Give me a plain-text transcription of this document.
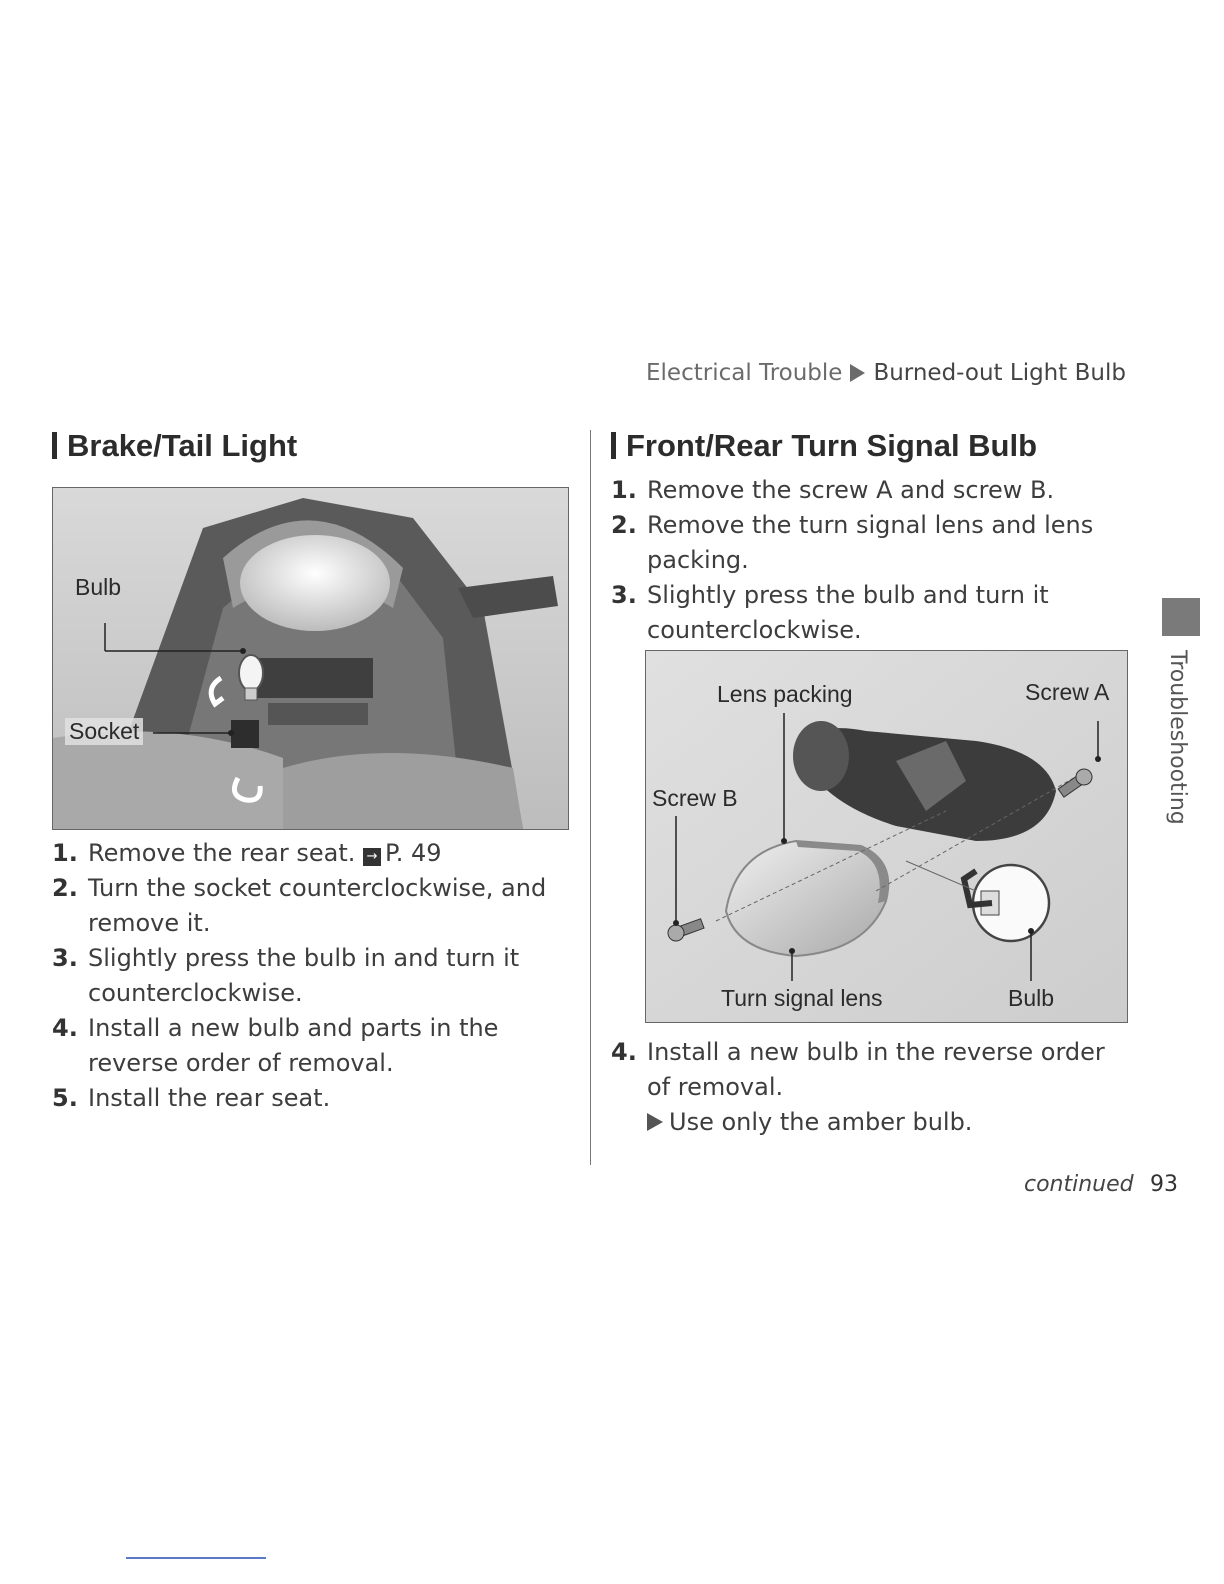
Electrical Trouble Burned-out Light Bulb
Brake/Tail Light
Bulb
Socket
1. Remove the rear seat. → P. 49
2. Turn the socket counterclockwise, and remove it.
3. Slightly press the bulb in and turn it counterclockwise.
4. Install a new bulb and parts in the reverse order of removal.
5. Install the rear seat.
Front/Rear Turn Signal Bulb
1. Remove the screw A and screw B.
2. Remove the turn signal lens and lens packing.
3. Slightly press the bulb and turn it counterclockwise.
Lens packing	Screw A
Screw B
Turn signal lens	Bulb
4. Install a new bulb in the reverse order of removal.
Use only the amber bulb.
Troubleshooting
continued 93
